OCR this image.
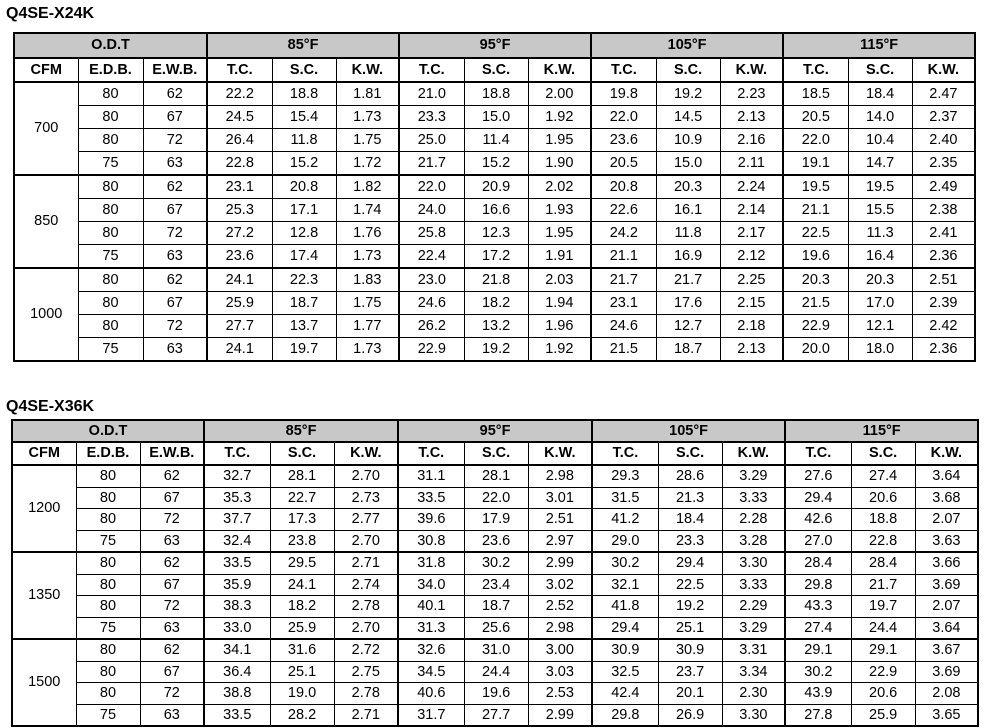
Q4SE-X24K
O.D.T			85°F			95°F			105°F			115°F		
CFM	E.D.B.	E.W.B.	T.C.	S.C.	K.W.	T.C.	S.C.	K.W.	T.C.	S.C.	K.W.	T.C.	S.C.	K.W.
700	80	62	22.2	18.8	1.81	21.0	18.8	2.00	19.8	19.2	2.23	18.5	18.4	2.47
	80	67	24.5	15.4	1.73	23.3	15.0	1.92	22.0	14.5	2.13	20.5	14.0	2.37
	80	72	26.4	11.8	1.75	25.0	11.4	1.95	23.6	10.9	2.16	22.0	10.4	2.40
	75	63	22.8	15.2	1.72	21.7	15.2	1.90	20.5	15.0	2.11	19.1	14.7	2.35
850	80	62	23.1	20.8	1.82	22.0	20.9	2.02	20.8	20.3	2.24	19.5	19.5	2.49
	80	67	25.3	17.1	1.74	24.0	16.6	1.93	22.6	16.1	2.14	21.1	15.5	2.38
	80	72	27.2	12.8	1.76	25.8	12.3	1.95	24.2	11.8	2.17	22.5	11.3	2.41
	75	63	23.6	17.4	1.73	22.4	17.2	1.91	21.1	16.9	2.12	19.6	16.4	2.36
1000	80	62	24.1	22.3	1.83	23.0	21.8	2.03	21.7	21.7	2.25	20.3	20.3	2.51
	80	67	25.9	18.7	1.75	24.6	18.2	1.94	23.1	17.6	2.15	21.5	17.0	2.39
	80	72	27.7	13.7	1.77	26.2	13.2	1.96	24.6	12.7	2.18	22.9	12.1	2.42
	75	63	24.1	19.7	1.73	22.9	19.2	1.92	21.5	18.7	2.13	20.0	18.0	2.36
Q4SE-X36K
O.D.T			85°F			95°F			105°F			115°F		
CFM	E.D.B.	E.W.B.	T.C.	S.C.	K.W.	T.C.	S.C.	K.W.	T.C.	S.C.	K.W.	T.C.	S.C.	K.W.
1200	80	62	32.7	28.1	2.70	31.1	28.1	2.98	29.3	28.6	3.29	27.6	27.4	3.64
	80	67	35.3	22.7	2.73	33.5	22.0	3.01	31.5	21.3	3.33	29.4	20.6	3.68
	80	72	37.7	17.3	2.77	39.6	17.9	2.51	41.2	18.4	2.28	42.6	18.8	2.07
	75	63	32.4	23.8	2.70	30.8	23.6	2.97	29.0	23.3	3.28	27.0	22.8	3.63
1350	80	62	33.5	29.5	2.71	31.8	30.2	2.99	30.2	29.4	3.30	28.4	28.4	3.66
	80	67	35.9	24.1	2.74	34.0	23.4	3.02	32.1	22.5	3.33	29.8	21.7	3.69
	80	72	38.3	18.2	2.78	40.1	18.7	2.52	41.8	19.2	2.29	43.3	19.7	2.07
	75	63	33.0	25.9	2.70	31.3	25.6	2.98	29.4	25.1	3.29	27.4	24.4	3.64
1500	80	62	34.1	31.6	2.72	32.6	31.0	3.00	30.9	30.9	3.31	29.1	29.1	3.67
	80	67	36.4	25.1	2.75	34.5	24.4	3.03	32.5	23.7	3.34	30.2	22.9	3.69
	80	72	38.8	19.0	2.78	40.6	19.6	2.53	42.4	20.1	2.30	43.9	20.6	2.08
	75	63	33.5	28.2	2.71	31.7	27.7	2.99	29.8	26.9	3.30	27.8	25.9	3.65
